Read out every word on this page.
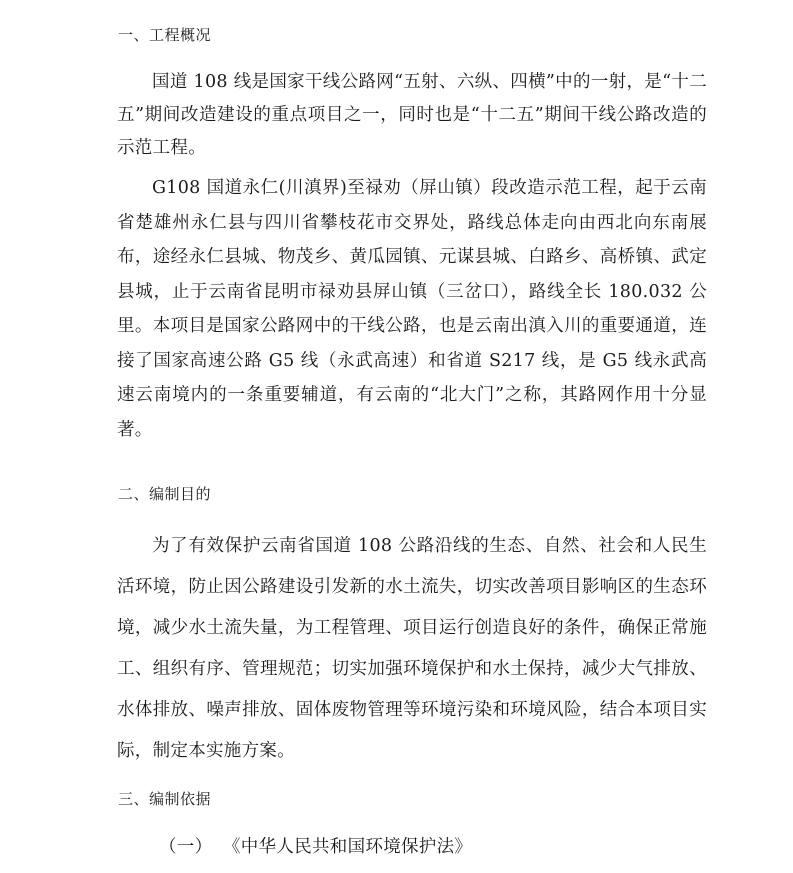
一、工程概况
国道 108 线是国家干线公路网“五射、六纵、四横”中的一射，是“十二五”期间改造建设的重点项目之一，同时也是“十二五”期间干线公路改造的示范工程。
G108 国道永仁(川滇界)至禄劝（屏山镇）段改造示范工程，起于云南省楚雄州永仁县与四川省攀枝花市交界处，路线总体走向由西北向东南展布，途经永仁县城、物茂乡、黄瓜园镇、元谋县城、白路乡、高桥镇、武定县城，止于云南省昆明市禄劝县屏山镇（三岔口），路线全长 180.032 公里。本项目是国家公路网中的干线公路，也是云南出滇入川的重要通道，连接了国家高速公路 G5 线（永武高速）和省道 S217 线，是 G5 线永武高速云南境内的一条重要辅道，有云南的“北大门”之称，其路网作用十分显著。
二、编制目的
为了有效保护云南省国道 108 公路沿线的生态、自然、社会和人民生活环境，防止因公路建设引发新的水土流失，切实改善项目影响区的生态环境，减少水土流失量，为工程管理、项目运行创造良好的条件，确保正常施工、组织有序、管理规范；切实加强环境保护和水土保持，减少大气排放、水体排放、噪声排放、固体废物管理等环境污染和环境风险，结合本项目实际，制定本实施方案。
三、编制依据
（一） 《中华人民共和国环境保护法》
